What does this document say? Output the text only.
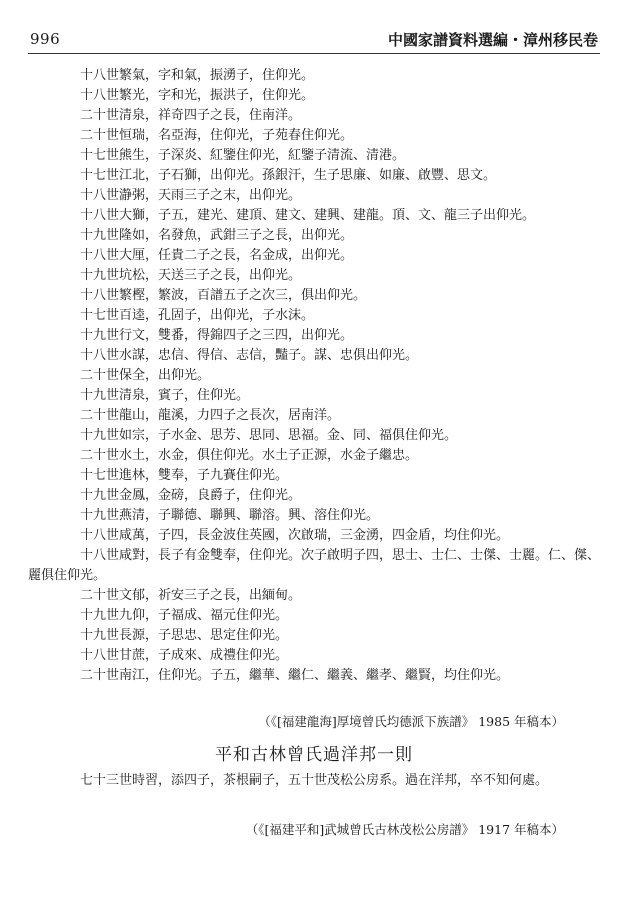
996	中國家譜資料選編・漳州移民卷

十八世繁氣，字和氣，振湧子，住仰光。

十八世繁光，字和光，振洪子，住仰光。

二十世清泉，祥奇四子之長，住南洋。

二十世恒瑞，名亞海，住仰光，子苑春住仰光。

十七世熊生，子深炎、紅鑒住仰光，紅鑒子清流、清港。

十七世江北，子石獅，出仰光。孫銀汗，生子思廉、如廉、啟豐、思文。

十八世瀞粥，天雨三子之末，出仰光。

十八世大獅，子五，建光、建頂、建文、建興、建龍。頂、文、龍三子出仰光。

十九世隆如，名發魚，武鉗三子之長，出仰光。

十八世大厘，任貴二子之長，名金成，出仰光。

十九世坑松，天送三子之長，出仰光。

十八世繁樫，繁波，百譜五子之次三，俱出仰光。

十七世百逵，孔固子，出仰光，子水沫。

十九世行文，雙番，得錦四子之三四，出仰光。

十八世水謀，忠信、得信、志信，豔子。謀、忠俱出仰光。

二十世保全，出仰光。

十九世清泉，賓子，住仰光。

二十世龍山，龍溪，力四子之長次，居南洋。

十九世如宗，子水金、思芳、思同、思福。金、同、福俱住仰光。

二十世水土，水金，俱住仰光。水土子正源，水金子繼忠。

十七世進林，雙奉，子九賽住仰光。

十九世金鳳，金磅，良爵子，住仰光。

十九世燕清，子聯德、聯興、聯溶。興、溶住仰光。

十八世咸萬，子四，長金波住英國，次啟瑞，三金湧，四金盾，均住仰光。

十八世咸對，長子有金雙奉，住仰光。次子啟明子四，思士、士仁、士傑、士麗。仁、傑、麗俱住仰光。

二十世文郁，祈安三子之長，出緬甸。

十九世九仰，子福成、福元住仰光。

十九世長源，子思忠、思定住仰光。

十八世甘蔗，子成來、成禮住仰光。

二十世南江，住仰光。子五，繼華、繼仁、繼義、繼孝、繼賢，均住仰光。

（《[福建龍海]厚境曾氏均德派下族譜》 1985 年稿本）
平和古林曾氏過洋邦一則
七十三世時習，添四子，茶根嗣子，五十世茂松公房系。過在洋邦，卒不知何處。
（《[福建平和]武城曾氏古林茂松公房譜》 1917 年稿本）
